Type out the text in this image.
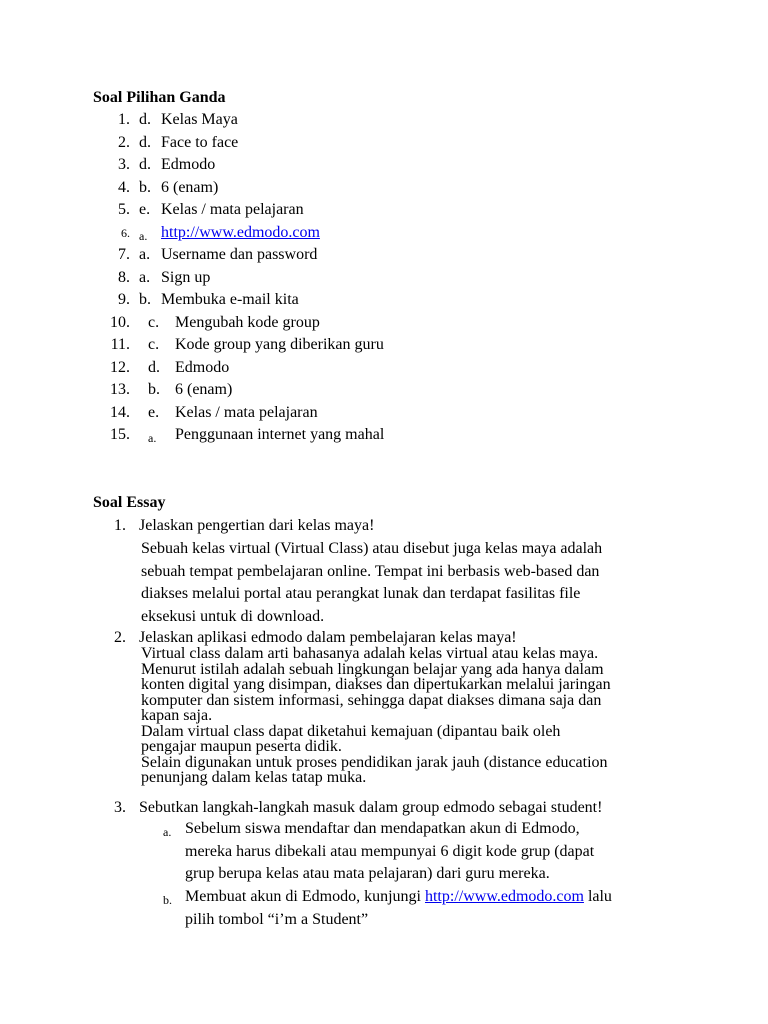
Soal Pilihan Ganda
1. d. Kelas Maya
2. d. Face to face
3. d. Edmodo
4. b. 6 (enam)
5. e. Kelas / mata pelajaran
6. a. http://www.edmodo.com
7. a. Username dan password
8. a. Sign up
9. b. Membuka e-mail kita
10. c. Mengubah kode group
11. c. Kode group yang diberikan guru
12. d. Edmodo
13. b. 6 (enam)
14. e. Kelas / mata pelajaran
15. a. Penggunaan internet yang mahal
Soal Essay
1. Jelaskan pengertian dari kelas maya!
Sebuah kelas virtual (Virtual Class) atau disebut juga kelas maya adalah
sebuah tempat pembelajaran online. Tempat ini berbasis web-based dan
diakses melalui portal atau perangkat lunak dan terdapat fasilitas file
eksekusi untuk di download.
2. Jelaskan aplikasi edmodo dalam pembelajaran kelas maya!
Virtual class dalam arti bahasanya adalah kelas virtual atau kelas maya.
Menurut istilah adalah sebuah lingkungan belajar yang ada hanya dalam
konten digital yang disimpan, diakses dan dipertukarkan melalui jaringan
komputer dan sistem informasi, sehingga dapat diakses dimana saja dan
kapan saja.
Dalam virtual class dapat diketahui kemajuan (dipantau baik oleh
pengajar maupun peserta didik.
Selain digunakan untuk proses pendidikan jarak jauh (distance education
penunjang dalam kelas tatap muka.
3. Sebutkan langkah-langkah masuk dalam group edmodo sebagai student!
a. Sebelum siswa mendaftar dan mendapatkan akun di Edmodo,
mereka harus dibekali atau mempunyai 6 digit kode grup (dapat
grup berupa kelas atau mata pelajaran) dari guru mereka.
b. Membuat akun di Edmodo, kunjungi http://www.edmodo.com lalu
pilih tombol “i’m a Student”
